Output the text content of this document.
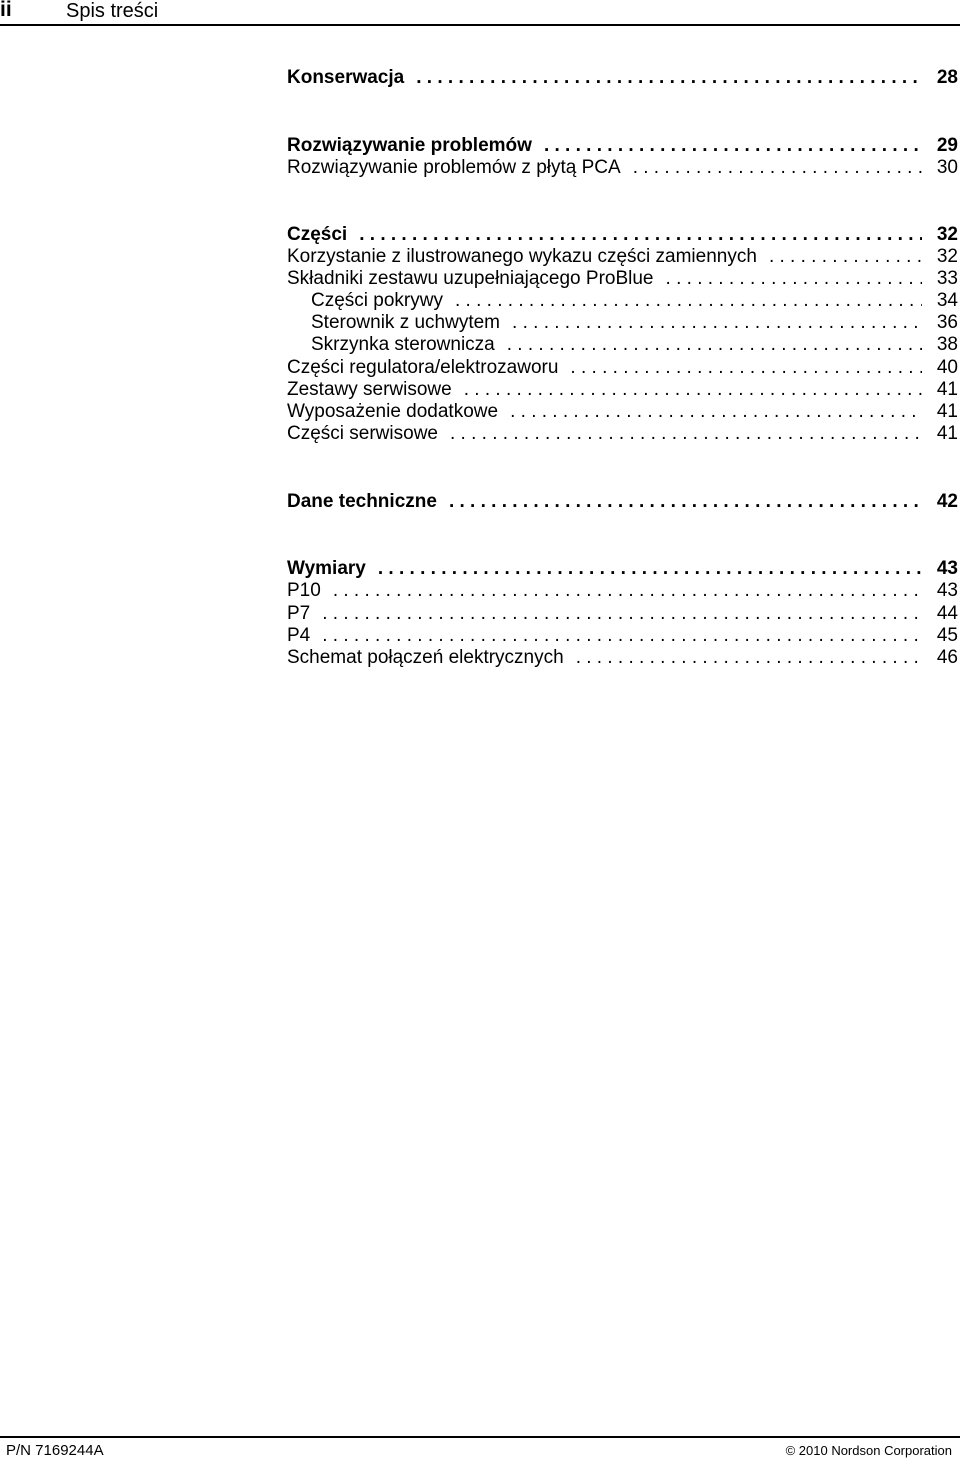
ii	Spis treści
Konserwacja . . .	28
Rozwiązywanie problemów . . .	29
Rozwiązywanie problemów z płytą PCA . . .	30
Części . . .	32
Korzystanie z ilustrowanego wykazu części zamiennych . . .	32
Składniki zestawu uzupełniającego ProBlue . . .	33
Części pokrywy . . .	34
Sterownik z uchwytem . . .	36
Skrzynka sterownicza . . .	38
Części regulatora/elektrozaworu . . .	40
Zestawy serwisowe . . .	41
Wyposażenie dodatkowe . . .	41
Części serwisowe . . .	41
Dane techniczne . . .	42
Wymiary . . .	43
P10 . . .	43
P7 . . .	44
P4 . . .	45
Schemat połączeń elektrycznych . . .	46
P/N 7169244A	© 2010 Nordson Corporation
